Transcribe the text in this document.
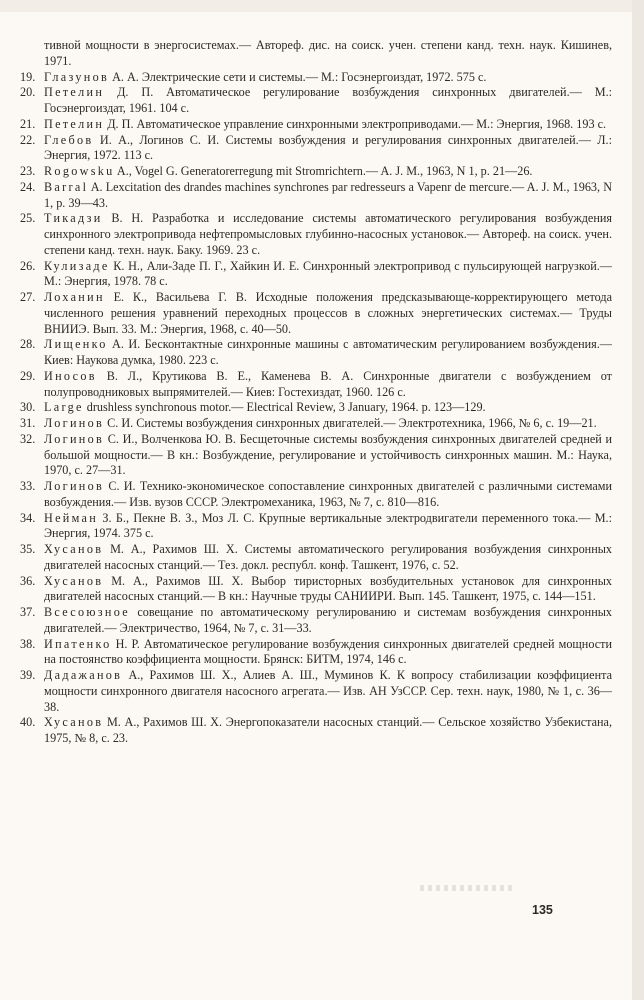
тивной мощности в энергосистемах.— Автореф. дис. на соиск. учен. степени канд. техн. наук. Кишинев, 1971.
19. Глазунов А. А. Электрические сети и системы.— М.: Госэнергоиздат, 1972. 575 с.
20. Петелин Д. П. Автоматическое регулирование возбуждения синхронных двигателей.— М.: Госэнергоиздат, 1961. 104 с.
21. Петелин Д. П. Автоматическое управление синхронными электроприводами.— М.: Энергия, 1968. 193 с.
22. Глебов И. А., Логинов С. И. Системы возбуждения и регулирования синхронных двигателей.— Л.: Энергия, 1972. 113 с.
23. Rogowsku A., Vogel G. Generatorerregung mit Stromrichtern.— A. J. M., 1963, N 1, p. 21—26.
24. Barral A. Lexcitation des drandes machines synchrones par redresseurs a Vapenr de mercure.— A. J. M., 1963, N 1, p. 39—43.
25. Тикадзи В. Н. Разработка и исследование системы автоматического регулирования возбуждения синхронного электропривода нефтепромысловых глубинно-насосных установок.— Автореф. на соиск. учен. степени канд. техн. наук. Баку. 1969. 23 с.
26. Кулизаде К. Н., Али-Заде П. Г., Хайкин И. Е. Синхронный электропривод с пульсирующей нагрузкой.— М.: Энергия, 1978. 78 с.
27. Лоханин Е. К., Васильева Г. В. Исходные положения предсказывающе-корректирующего метода численного решения уравнений переходных процессов в сложных энергетических системах.— Труды ВНИИЭ. Вып. 33. М.: Энергия, 1968, с. 40—50.
28. Лищенко А. И. Бесконтактные синхронные машины с автоматическим регулированием возбуждения.— Киев: Наукова думка, 1980. 223 с.
29. Иносов В. Л., Крутикова В. Е., Каменева В. А. Синхронные двигатели с возбуждением от полупроводниковых выпрямителей.— Киев: Гостехиздат, 1960. 126 с.
30. Large drushless synchronous motor.— Electrical Review, 3 January, 1964. p. 123—129.
31. Логинов С. И. Системы возбуждения синхронных двигателей.— Электротехника, 1966, № 6, с. 19—21.
32. Логинов С. И., Волченкова Ю. В. Бесщеточные системы возбуждения синхронных двигателей средней и большой мощности.— В кн.: Возбуждение, регулирование и устойчивость синхронных машин. М.: Наука, 1970, с. 27—31.
33. Логинов С. И. Технико-экономическое сопоставление синхронных двигателей с различными системами возбуждения.— Изв. вузов СССР. Электромеханика, 1963, № 7, с. 810—816.
34. Нейман З. Б., Пекне В. З., Моз Л. С. Крупные вертикальные электродвигатели переменного тока.— М.: Энергия, 1974. 375 с.
35. Хусанов М. А., Рахимов Ш. Х. Системы автоматического регулирования возбуждения синхронных двигателей насосных станций.— Тез. докл. республ. конф. Ташкент, 1976, с. 52.
36. Хусанов М. А., Рахимов Ш. Х. Выбор тиристорных возбудительных установок для синхронных двигателей насосных станций.— В кн.: Научные труды САНИИРИ. Вып. 145. Ташкент, 1975, с. 144—151.
37. Всесоюзное совещание по автоматическому регулированию и системам возбуждения синхронных двигателей.— Электричество, 1964, № 7, с. 31—33.
38. Ипатенко Н. Р. Автоматическое регулирование возбуждения синхронных двигателей средней мощности на постоянство коэффициента мощности. Брянск: БИТМ, 1974, 146 с.
39. Дадажанов А., Рахимов Ш. Х., Алиев А. Ш., Муминов К. К вопросу стабилизации коэффициента мощности синхронного двигателя насосного агрегата.— Изв. АН УзССР. Сер. техн. наук, 1980, № 1, с. 36—38.
40. Хусанов М. А., Рахимов Ш. Х. Энергопоказатели насосных станций.— Сельское хозяйство Узбекистана, 1975, № 8, с. 23.
135
